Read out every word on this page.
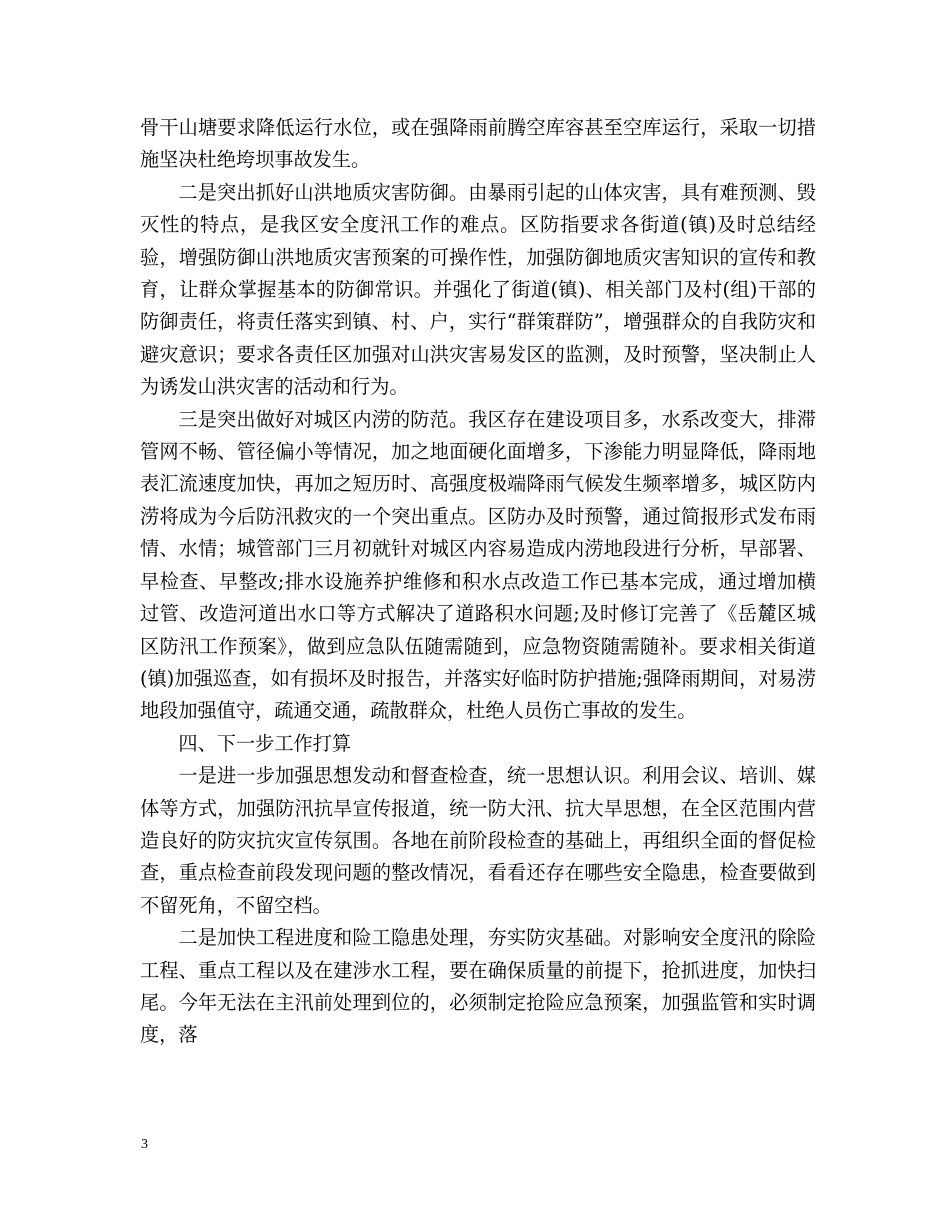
骨干山塘要求降低运行水位，或在强降雨前腾空库容甚至空库运行，采取一切措施坚决杜绝垮坝事故发生。

二是突出抓好山洪地质灾害防御。由暴雨引起的山体灾害，具有难预测、毁灭性的特点，是我区安全度汛工作的难点。区防指要求各街道(镇)及时总结经验，增强防御山洪地质灾害预案的可操作性，加强防御地质灾害知识的宣传和教育，让群众掌握基本的防御常识。并强化了街道(镇)、相关部门及村(组)干部的防御责任，将责任落实到镇、村、户，实行“群策群防”，增强群众的自我防灾和避灾意识；要求各责任区加强对山洪灾害易发区的监测，及时预警，坚决制止人为诱发山洪灾害的活动和行为。

三是突出做好对城区内涝的防范。我区存在建设项目多，水系改变大，排滞管网不畅、管径偏小等情况，加之地面硬化面增多，下渗能力明显降低，降雨地表汇流速度加快，再加之短历时、高强度极端降雨气候发生频率增多，城区防内涝将成为今后防汛救灾的一个突出重点。区防办及时预警，通过简报形式发布雨情、水情；城管部门三月初就针对城区内容易造成内涝地段进行分析，早部署、早检查、早整改;排水设施养护维修和积水点改造工作已基本完成，通过增加横过管、改造河道出水口等方式解决了道路积水问题;及时修订完善了《岳麓区城区防汛工作预案》，做到应急队伍随需随到，应急物资随需随补。要求相关街道(镇)加强巡查，如有损坏及时报告，并落实好临时防护措施;强降雨期间，对易涝地段加强值守，疏通交通，疏散群众，杜绝人员伤亡事故的发生。

四、下一步工作打算

一是进一步加强思想发动和督查检查，统一思想认识。利用会议、培训、媒体等方式，加强防汛抗旱宣传报道，统一防大汛、抗大旱思想，在全区范围内营造良好的防灾抗灾宣传氛围。各地在前阶段检查的基础上，再组织全面的督促检查，重点检查前段发现问题的整改情况，看看还存在哪些安全隐患，检查要做到不留死角，不留空档。

二是加快工程进度和险工隐患处理，夯实防灾基础。对影响安全度汛的除险工程、重点工程以及在建涉水工程，要在确保质量的前提下，抢抓进度，加快扫尾。今年无法在主汛前处理到位的，必须制定抢险应急预案，加强监管和实时调度，落

3
